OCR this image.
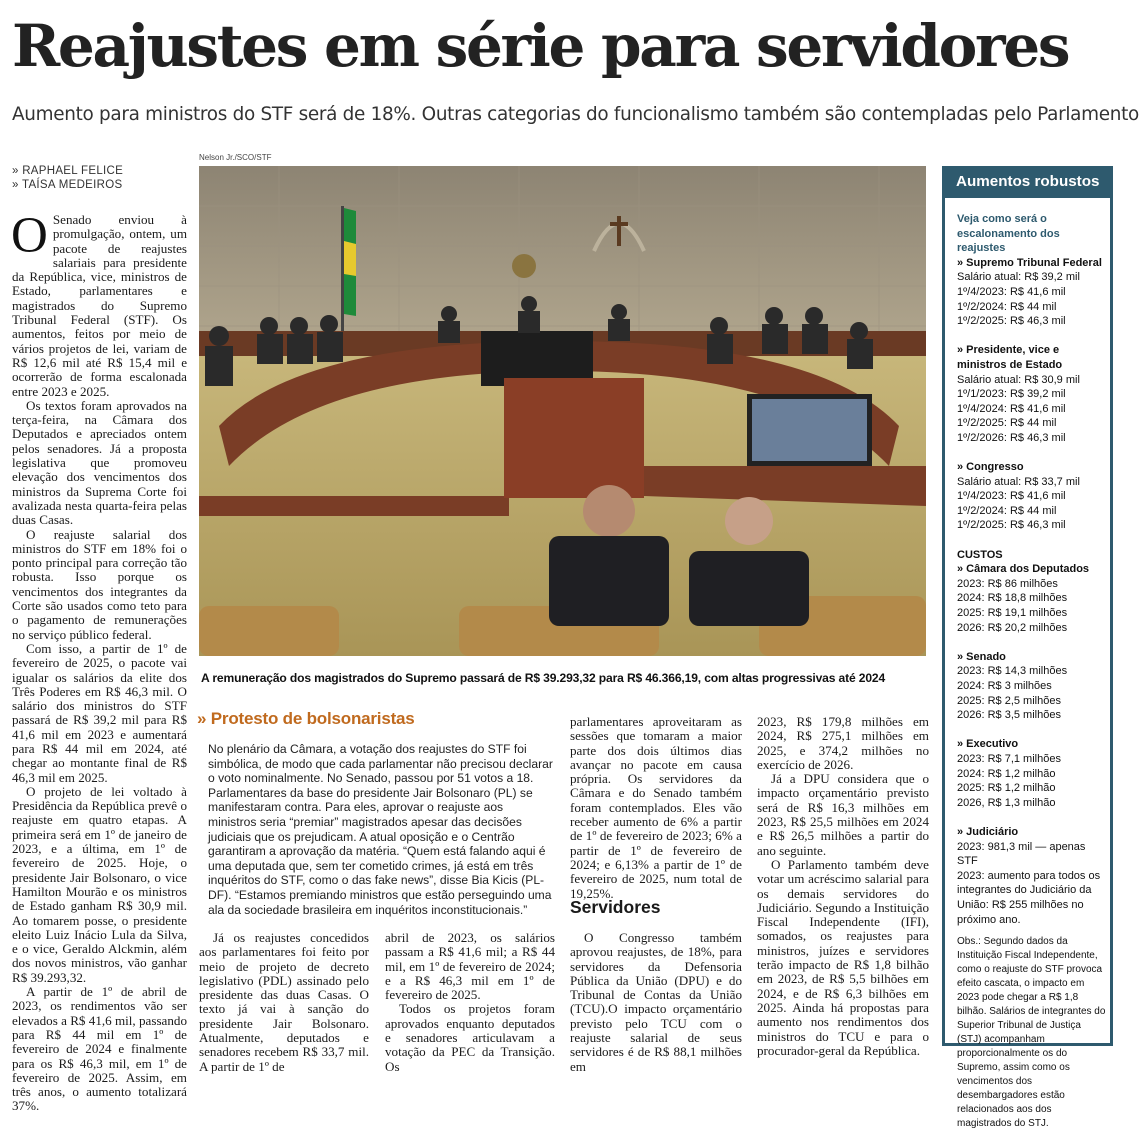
Reajustes em série para servidores
Aumento para ministros do STF será de 18%. Outras categorias do funcionalismo também são contempladas pelo Parlamento
» RAPHAEL FELICE
» TAÍSA MEDEIROS

O Senado enviou à promulgação, ontem, um pacote de reajustes salariais para presidente da República, vice, ministros de Estado, parlamentares e magistrados do Supremo Tribunal Federal (STF). Os aumentos, feitos por meio de vários projetos de lei, variam de R$ 12,6 mil até R$ 15,4 mil e ocorrerão de forma escalonada entre 2023 e 2025.

Os textos foram aprovados na terça-feira, na Câmara dos Deputados e apreciados ontem pelos senadores. Já a proposta legislativa que promoveu elevação dos vencimentos dos ministros da Suprema Corte foi avalizada nesta quarta-feira pelas duas Casas.

O reajuste salarial dos ministros do STF em 18% foi o ponto principal para correção tão robusta. Isso porque os vencimentos dos integrantes da Corte são usados como teto para o pagamento de remunerações no serviço público federal.

Com isso, a partir de 1º de fevereiro de 2025, o pacote vai igualar os salários da elite dos Três Poderes em R$ 46,3 mil. O salário dos ministros do STF passará de R$ 39,2 mil para R$ 41,6 mil em 2023 e aumentará para R$ 44 mil em 2024, até chegar ao montante final de R$ 46,3 mil em 2025.

O projeto de lei voltado à Presidência da República prevê o reajuste em quatro etapas. A primeira será em 1º de janeiro de 2023, e a última, em 1º de fevereiro de 2025. Hoje, o presidente Jair Bolsonaro, o vice Hamilton Mourão e os ministros de Estado ganham R$ 30,9 mil. Ao tomarem posse, o presidente eleito Luiz Inácio Lula da Silva, e o vice, Geraldo Alckmin, além dos novos ministros, vão ganhar R$ 39.293,32.

A partir de 1º de abril de 2023, os rendimentos vão ser elevados a R$ 41,6 mil, passando para R$ 44 mil em 1º de fevereiro de 2024 e finalmente para os R$ 46,3 mil, em 1º de fevereiro de 2025. Assim, em três anos, o aumento totalizará 37%.

Nelson Jr./SCO/STF
A remuneração dos magistrados do Supremo passará de R$ 39.293,32 para R$ 46.366,19, com altas progressivas até 2024
» Protesto de bolsonaristas
No plenário da Câmara, a votação dos reajustes do STF foi simbólica, de modo que cada parlamentar não precisou declarar o voto nominalmente. No Senado, passou por 51 votos a 18. Parlamentares da base do presidente Jair Bolsonaro (PL) se manifestaram contra. Para eles, aprovar o reajuste aos ministros seria “premiar” magistrados apesar das decisões judiciais que os prejudicam. A atual oposição e o Centrão garantiram a aprovação da matéria. “Quem está falando aqui é uma deputada que, sem ter cometido crimes, já está em três inquéritos do STF, como o das fake news”, disse Bia Kicis (PL-DF). “Estamos premiando ministros que estão perseguindo uma ala da sociedade brasileira em inquéritos inconstitucionais.”

Já os reajustes concedidos aos parlamentares foi feito por meio de projeto de decreto legislativo (PDL) assinado pelo presidente das duas Casas. O texto já vai à sanção do presidente Jair Bolsonaro. Atualmente, deputados e senadores recebem R$ 33,7 mil. A partir de 1º de

abril de 2023, os salários passam a R$ 41,6 mil; a R$ 44 mil, em 1º de fevereiro de 2024; e a R$ 46,3 mil em 1º de fevereiro de 2025.

Todos os projetos foram aprovados enquanto deputados e senadores articulavam a votação da PEC da Transição. Os

parlamentares aproveitaram as sessões que tomaram a maior parte dos dois últimos dias avançar no pacote em causa própria. Os servidores da Câmara e do Senado também foram contemplados. Eles vão receber aumento de 6% a partir de 1º de fevereiro de 2023; 6% a partir de 1º de fevereiro de 2024; e 6,13% a partir de 1º de fevereiro de 2025, num total de 19,25%.

Servidores

O Congresso também aprovou reajustes, de 18%, para servidores da Defensoria Pública da União (DPU) e do Tribunal de Contas da União (TCU).O impacto orçamentário previsto pelo TCU com o reajuste salarial de seus servidores é de R$ 88,1 milhões em

2023, R$ 179,8 milhões em 2024, R$ 275,1 milhões em 2025, e 374,2 milhões no exercício de 2026.

Já a DPU considera que o impacto orçamentário previsto será de R$ 16,3 milhões em 2023, R$ 25,5 milhões em 2024 e R$ 26,5 milhões a partir do ano seguinte.

O Parlamento também deve votar um acréscimo salarial para os demais servidores do Judiciário. Segundo a Instituição Fiscal Independente (IFI), somados, os reajustes para ministros, juízes e servidores terão impacto de R$ 1,8 bilhão em 2023, de R$ 5,5 bilhões em 2024, e de R$ 6,3 bilhões em 2025. Ainda há propostas para aumento nos rendimentos dos ministros do TCU e para o procurador-geral da República.

Aumentos robustos
Veja como será o escalonamento dos reajustes
» Supremo Tribunal Federal
Salário atual: R$ 39,2 mil
1º/4/2023: R$ 41,6 mil
1º/2/2024: R$ 44 mil
1º/2/2025: R$ 46,3 mil
» Presidente, vice e ministros de Estado
Salário atual: R$ 30,9 mil
1º/1/2023: R$ 39,2 mil
1º/4/2024: R$ 41,6 mil
1º/2/2025: R$ 44 mil
1º/2/2026: R$ 46,3 mil
» Congresso
Salário atual: R$ 33,7 mil
1º/4/2023: R$ 41,6 mil
1º/2/2024: R$ 44 mil
1º/2/2025: R$ 46,3 mil
CUSTOS
» Câmara dos Deputados
2023: R$ 86 milhões
2024: R$ 18,8 milhões
2025: R$ 19,1 milhões
2026: R$ 20,2 milhões
» Senado
2023: R$ 14,3 milhões
2024: R$ 3 milhões
2025: R$ 2,5 milhões
2026: R$ 3,5 milhões
» Executivo
2023: R$ 7,1 milhões
2024: R$ 1,2 milhão
2025: R$ 1,2 milhão
2026, R$ 1,3 milhão
» Judiciário
2023: 981,3 mil — apenas STF
2023: aumento para todos os integrantes do Judiciário da União: R$ 255 milhões no próximo ano.
Obs.: Segundo dados da Instituição Fiscal Independente, como o reajuste do STF provoca efeito cascata, o impacto em 2023 pode chegar a R$ 1,8 bilhão. Salários de integrantes do Superior Tribunal de Justiça (STJ) acompanham proporcionalmente os do Supremo, assim como os vencimentos dos desembargadores estão relacionados aos dos magistrados do STJ.
